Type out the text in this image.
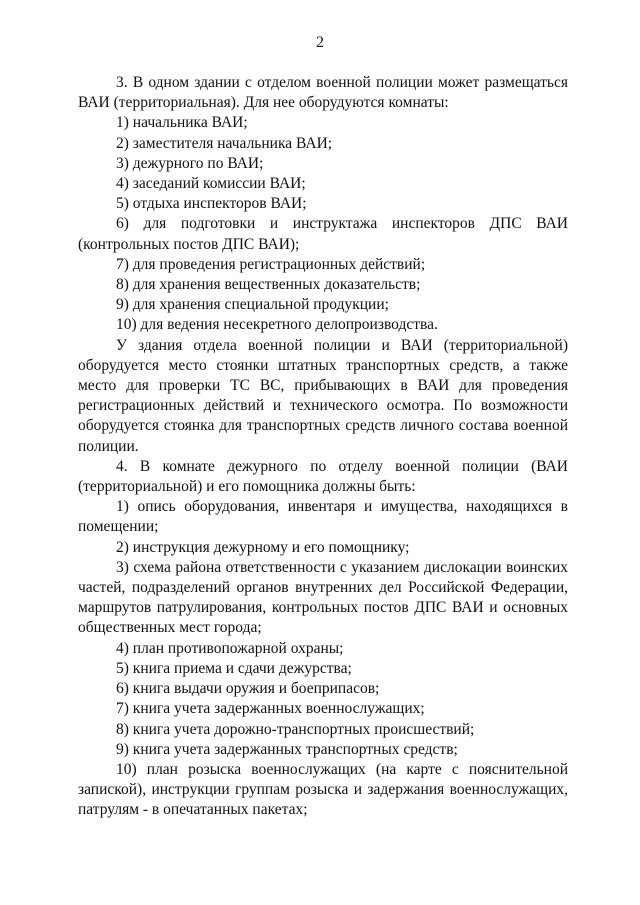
2

3. В одном здании с отделом военной полиции может размещаться ВАИ (территориальная). Для нее оборудуются комнаты:

1) начальника ВАИ;

2) заместителя начальника ВАИ;

3) дежурного по ВАИ;

4) заседаний комиссии ВАИ;

5) отдыха инспекторов ВАИ;

6) для подготовки и инструктажа инспекторов ДПС ВАИ (контрольных постов ДПС ВАИ);

7) для проведения регистрационных действий;

8) для хранения вещественных доказательств;

9) для хранения специальной продукции;

10) для ведения несекретного делопроизводства.

У здания отдела военной полиции и ВАИ (территориальной) оборудуется место стоянки штатных транспортных средств, а также место для проверки ТС ВС, прибывающих в ВАИ для проведения регистрационных действий и технического осмотра. По возможности оборудуется стоянка для транспортных средств личного состава военной полиции.

4. В комнате дежурного по отделу военной полиции (ВАИ (территориальной) и его помощника должны быть:

1) опись оборудования, инвентаря и имущества, находящихся в помещении;

2) инструкция дежурному и его помощнику;

3) схема района ответственности с указанием дислокации воинских частей, подразделений органов внутренних дел Российской Федерации, маршрутов патрулирования, контрольных постов ДПС ВАИ и основных общественных мест города;

4) план противопожарной охраны;

5) книга приема и сдачи дежурства;

6) книга выдачи оружия и боеприпасов;

7) книга учета задержанных военнослужащих;

8) книга учета дорожно-транспортных происшествий;

9) книга учета задержанных транспортных средств;

10) план розыска военнослужащих (на карте с пояснительной запиской), инструкции группам розыска и задержания военнослужащих, патрулям - в опечатанных пакетах;
